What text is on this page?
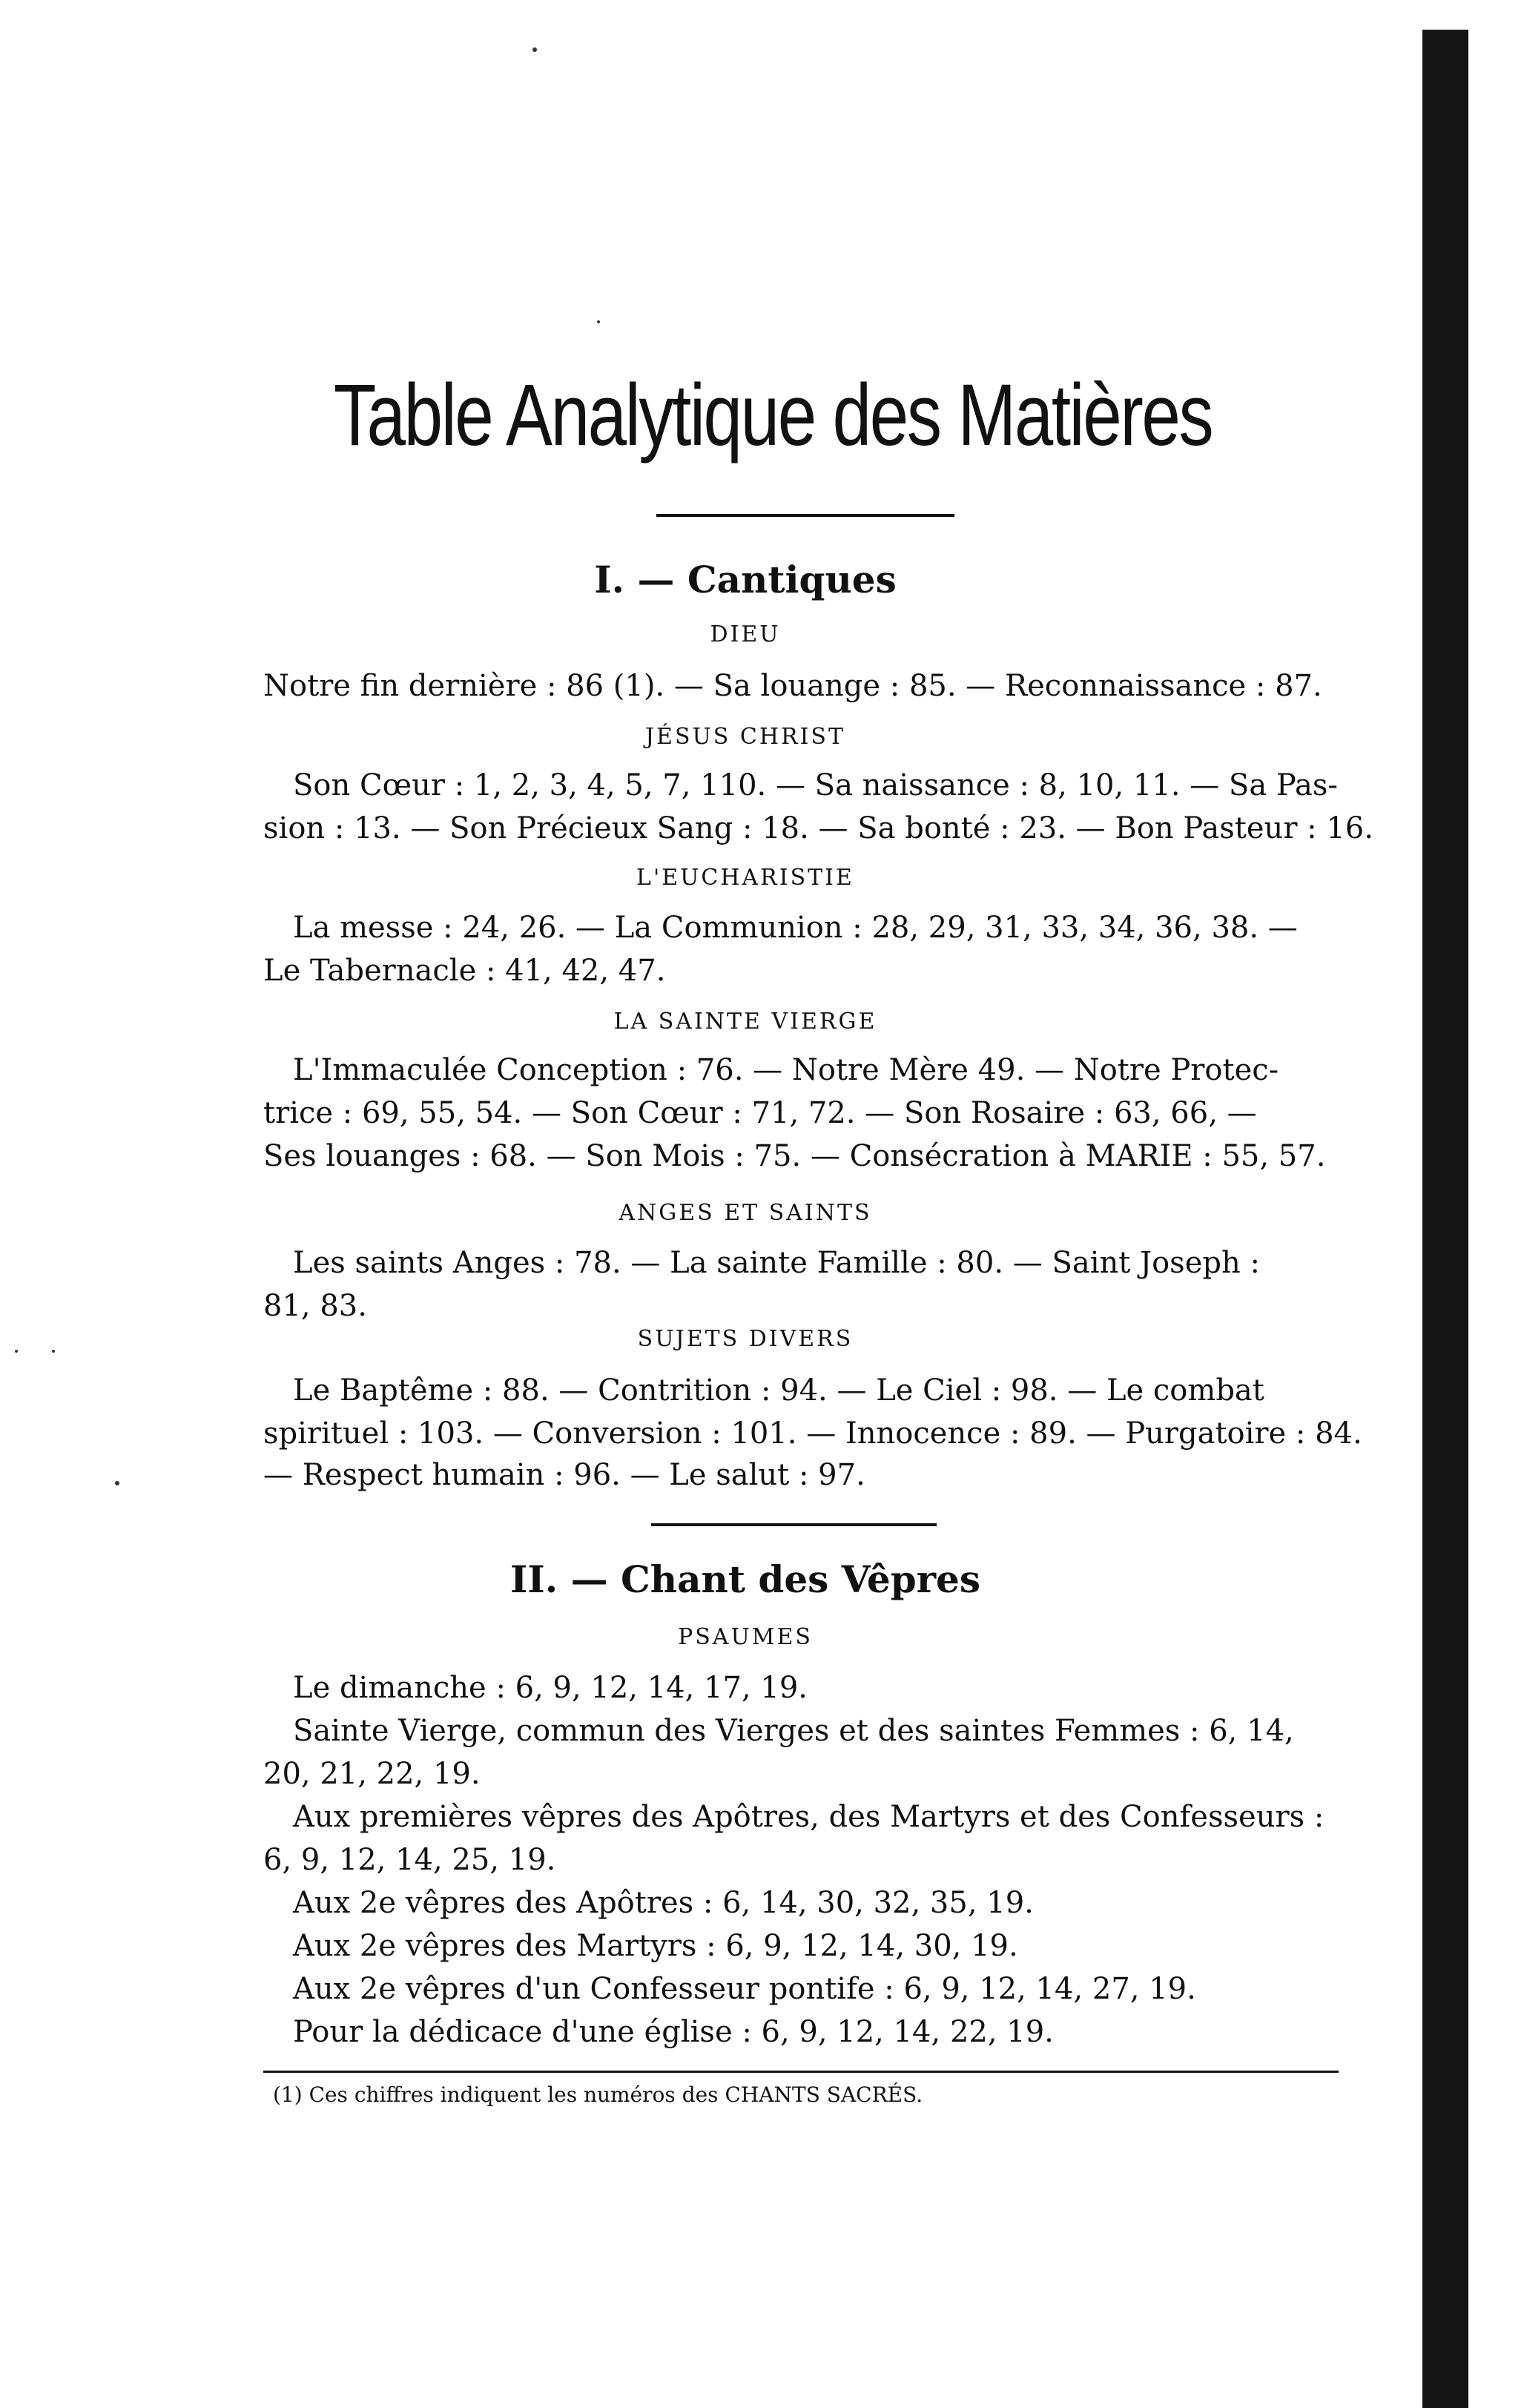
Table Analytique des Matières
I. — Cantiques
DIEU
Notre fin dernière : 86 (1). — Sa louange : 85. — Reconnaissance : 87.
JÉSUS CHRIST
Son Cœur : 1, 2, 3, 4, 5, 7, 110. — Sa naissance : 8, 10, 11. — Sa Pas-
sion : 13. — Son Précieux Sang : 18. — Sa bonté : 23. — Bon Pasteur : 16.
L'EUCHARISTIE
La messe : 24, 26. — La Communion : 28, 29, 31, 33, 34, 36, 38. —
Le Tabernacle : 41, 42, 47.
LA SAINTE VIERGE
L'Immaculée Conception : 76. — Notre Mère 49. — Notre Protec-
trice : 69, 55, 54. — Son Cœur : 71, 72. — Son Rosaire : 63, 66, —
Ses louanges : 68. — Son Mois : 75. — Consécration à MARIE : 55, 57.
ANGES ET SAINTS
Les saints Anges : 78. — La sainte Famille : 80. — Saint Joseph :
81, 83.
SUJETS DIVERS
Le Baptême : 88. — Contrition : 94. — Le Ciel : 98. — Le combat
spirituel : 103. — Conversion : 101. — Innocence : 89. — Purgatoire : 84.
— Respect humain : 96. — Le salut : 97.
II. — Chant des Vêpres
PSAUMES
Le dimanche : 6, 9, 12, 14, 17, 19.
Sainte Vierge, commun des Vierges et des saintes Femmes : 6, 14,
20, 21, 22, 19.
Aux premières vêpres des Apôtres, des Martyrs et des Confesseurs :
6, 9, 12, 14, 25, 19.
Aux 2e vêpres des Apôtres : 6, 14, 30, 32, 35, 19.
Aux 2e vêpres des Martyrs : 6, 9, 12, 14, 30, 19.
Aux 2e vêpres d'un Confesseur pontife : 6, 9, 12, 14, 27, 19.
Pour la dédicace d'une église : 6, 9, 12, 14, 22, 19.
(1) Ces chiffres indiquent les numéros des CHANTS SACRÉS.
